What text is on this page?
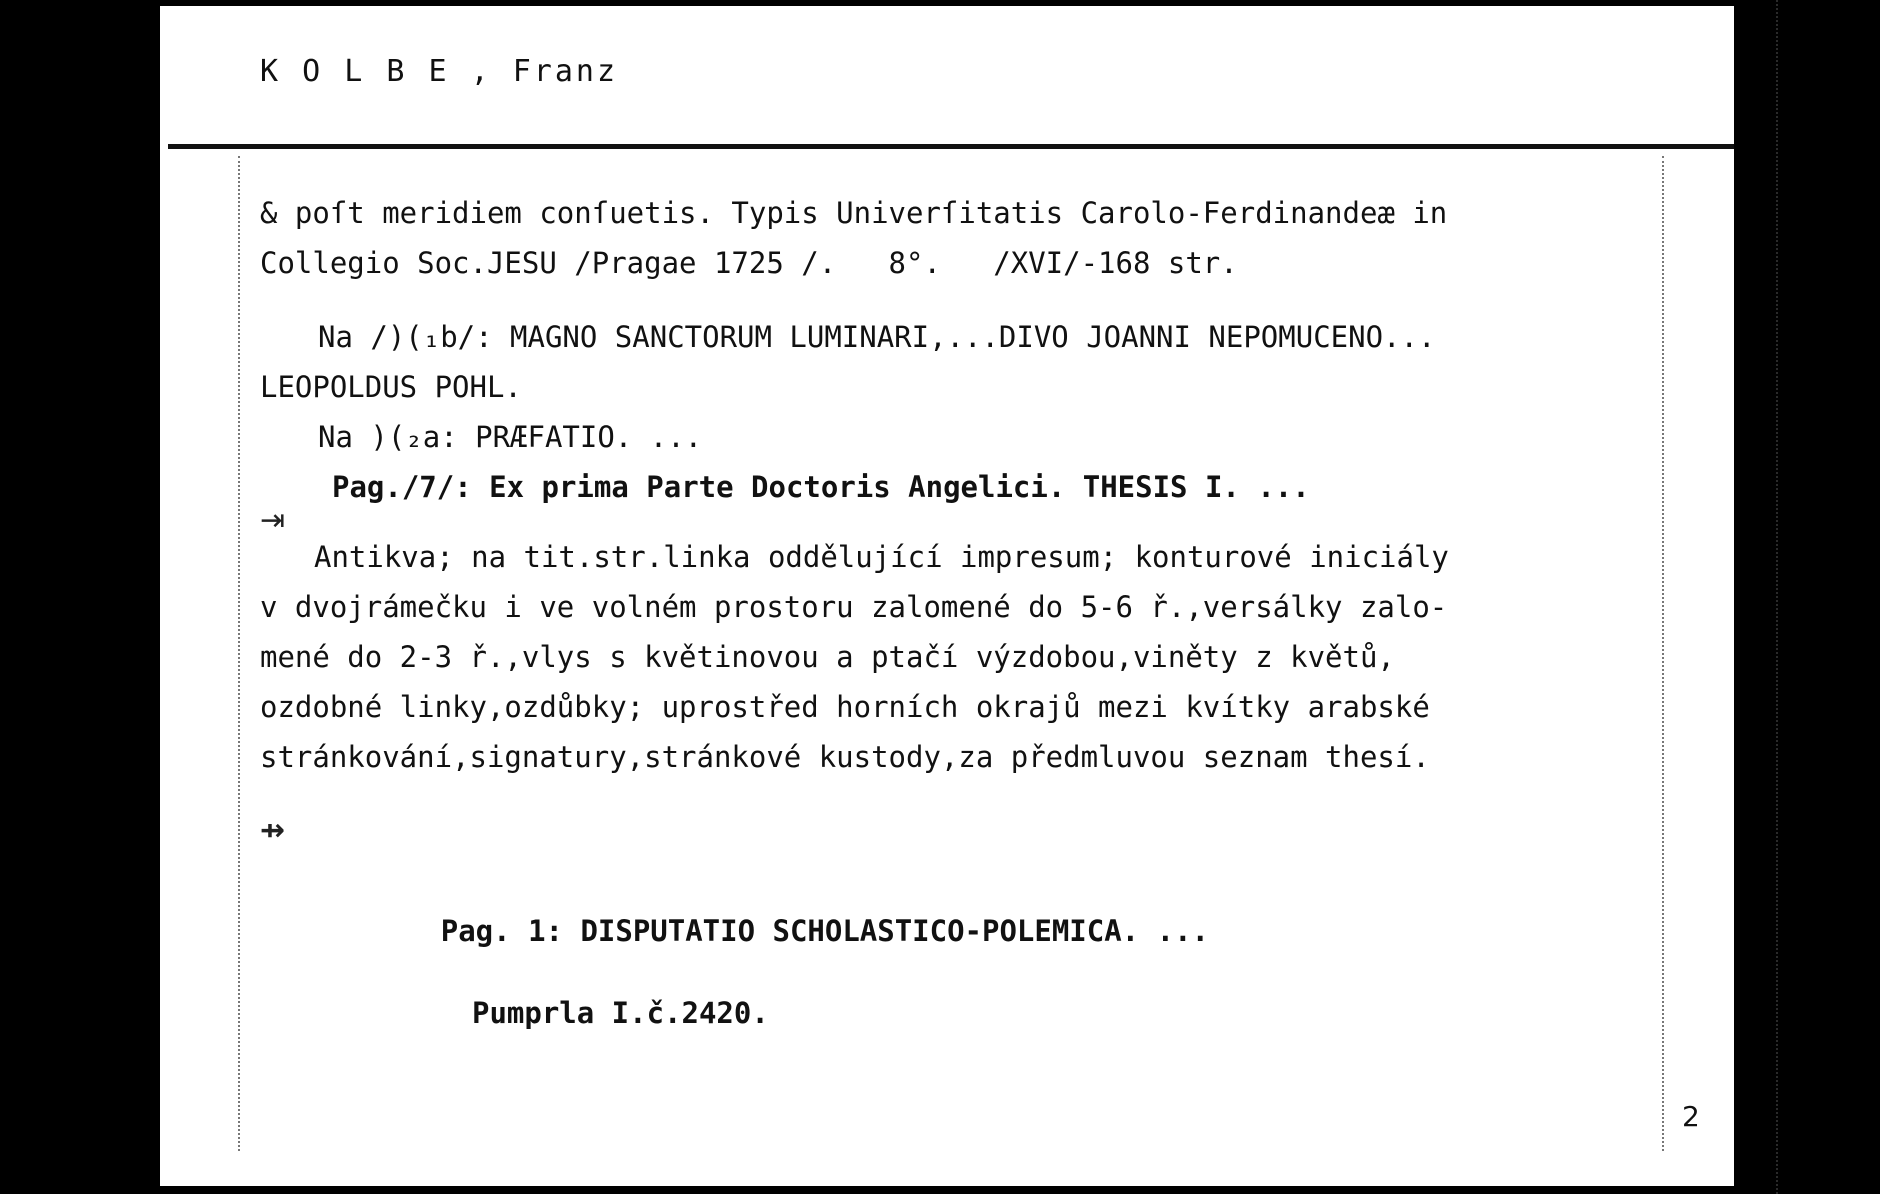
K O L B E , Franz
& poſt meridiem conſuetis. Typis Univerſitatis Carolo-Ferdinandeæ in
Collegio Soc.JESU /Pragae 1725 /.   8°.   /XVI/-168 str.
Na /)(₁b/: MAGNO SANCTORUM LUMINARI,...DIVO JOANNI NEPOMUCENO...
LEOPOLDUS POHL.
Na )(₂a: PRÆFATIO. ...
Pag./7/: Ex prima Parte Doctoris Angelici. THESIS I. ...
⇥
Antikva; na tit.str.linka oddělující impresum; konturové iniciály
v dvojrámečku i ve volném prostoru zalomené do 5-6 ř.,versálky zalo-
mené do 2-3 ř.,vlys s květinovou a ptačí výzdobou,viněty z květů,
ozdobné linky,ozdůbky; uprostřed horních okrajů mezi kvítky arabské
stránkování,signatury,stránkové kustody,za předmluvou seznam thesí.

⇸

Pag. 1: DISPUTATIO SCHOLASTICO-POLEMICA. ...

Pumprla I.č.2420.
2
